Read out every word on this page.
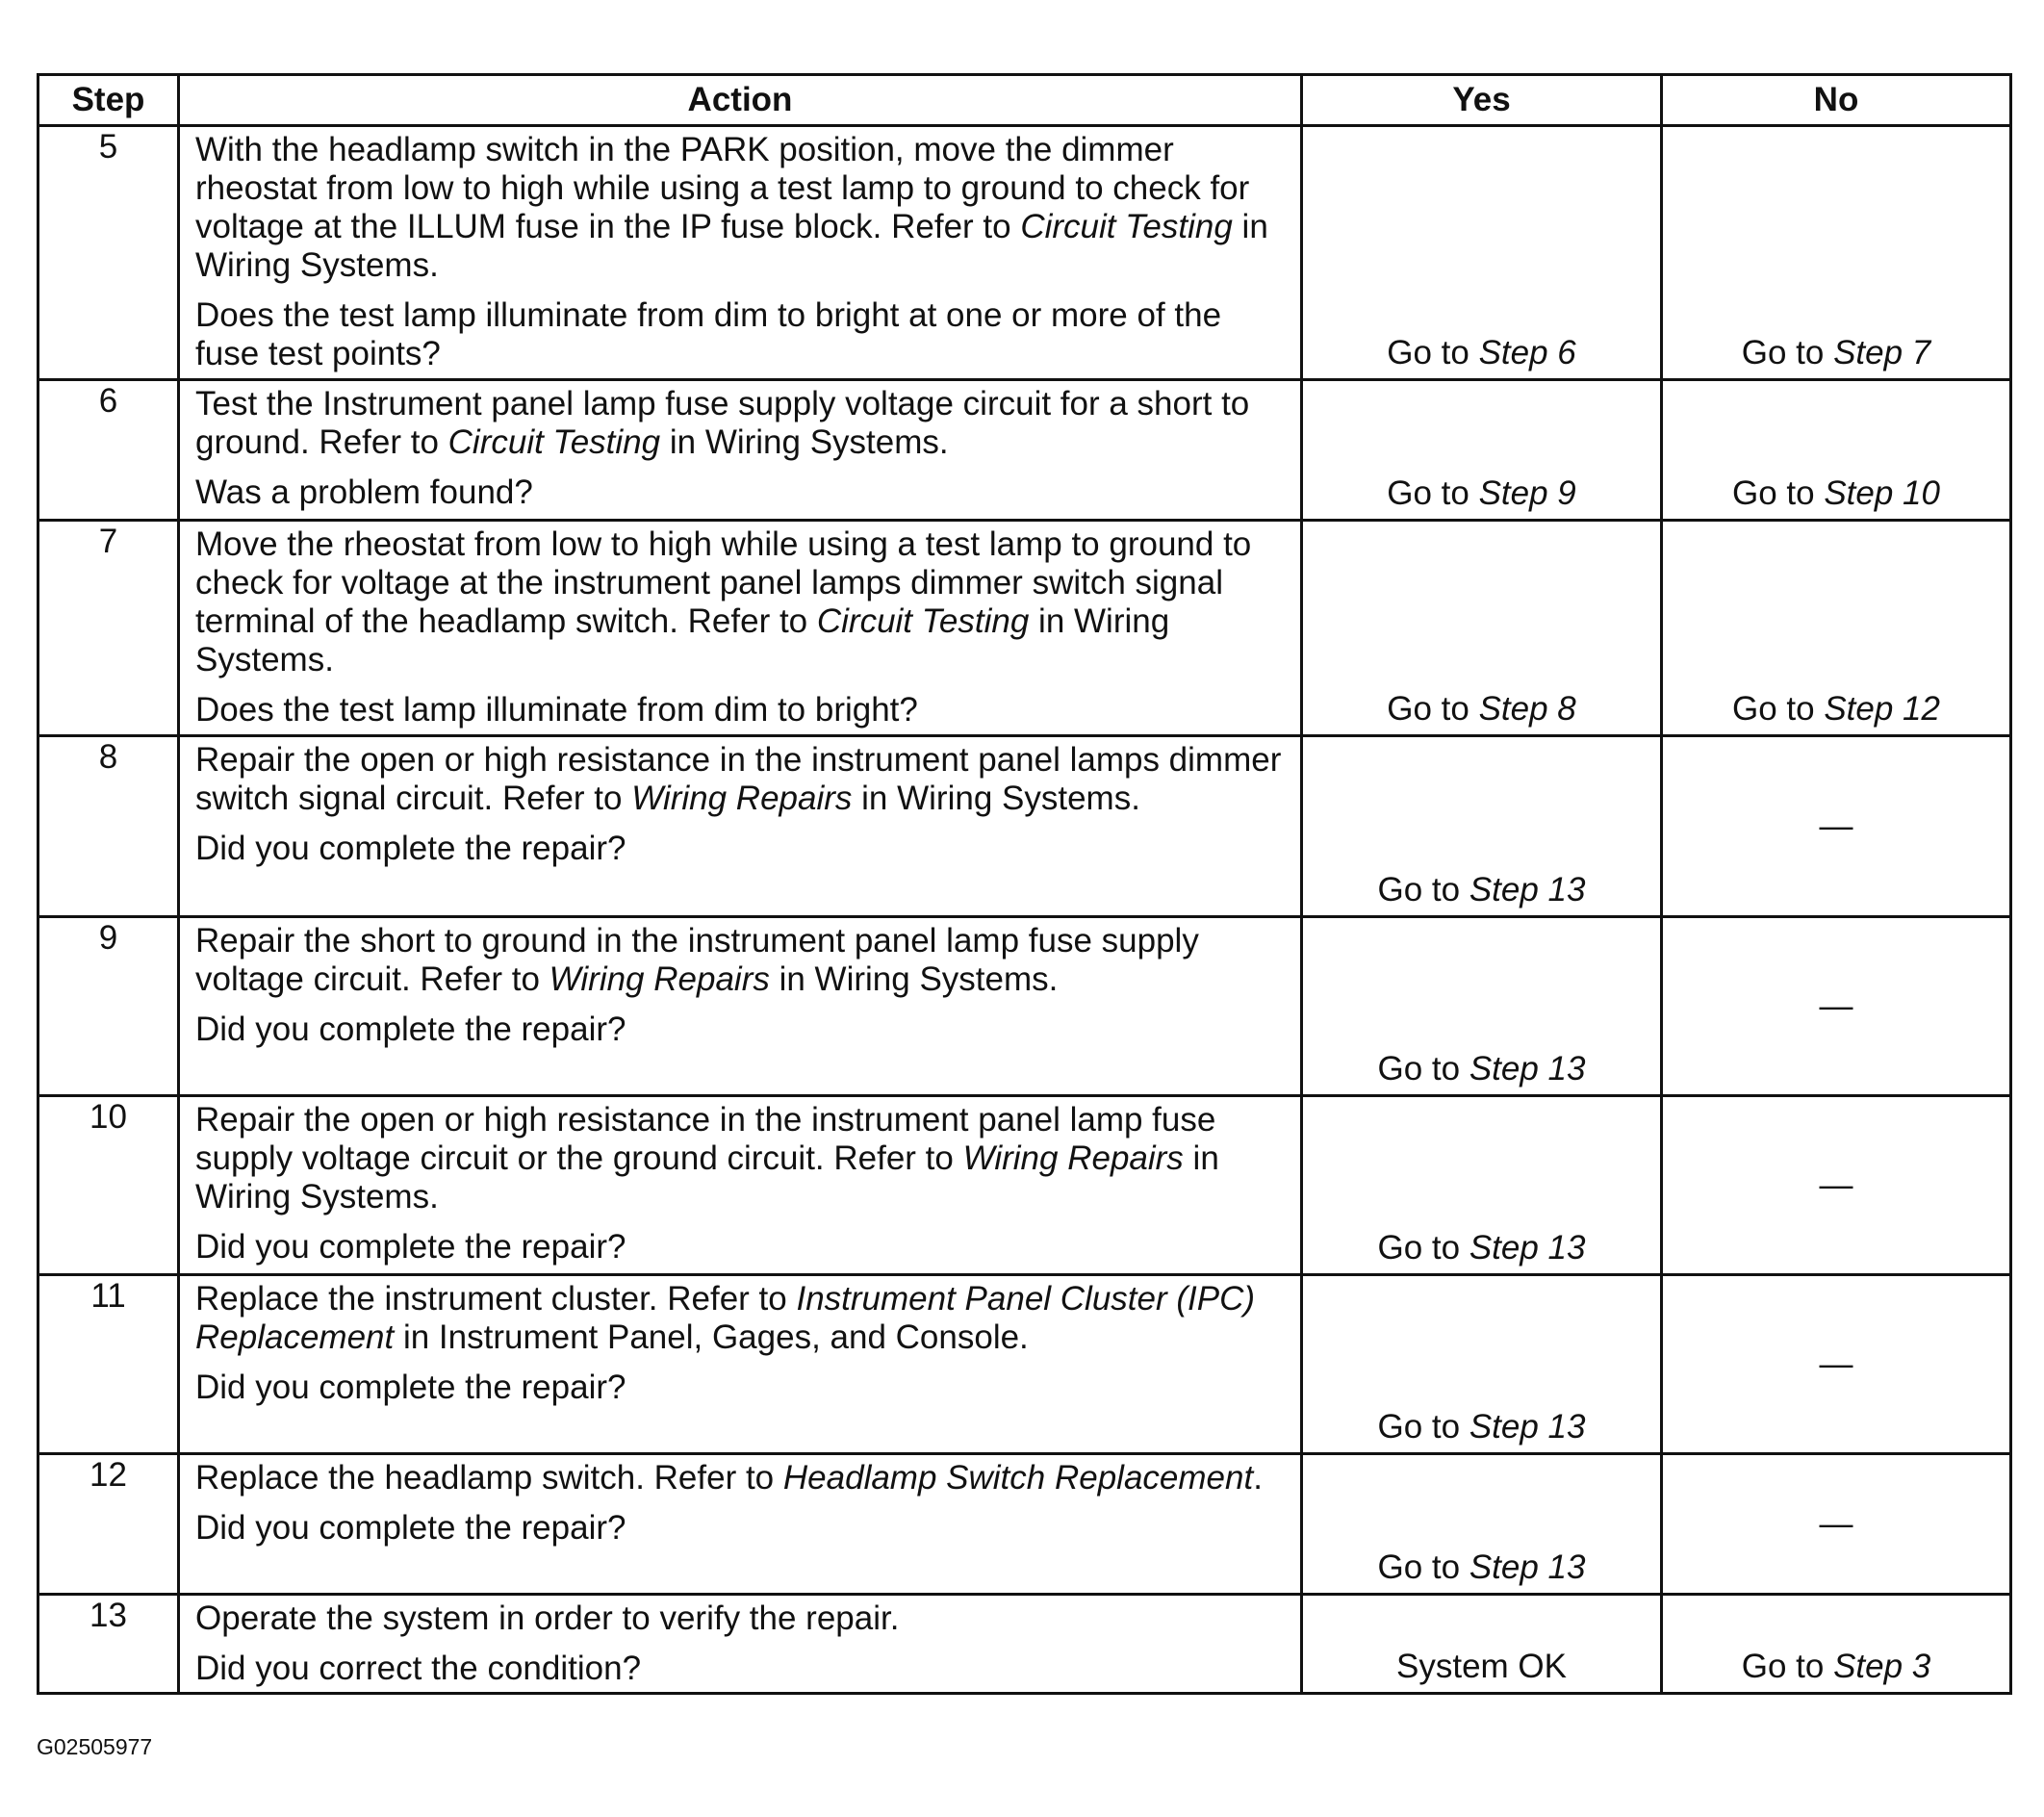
Step	Action	Yes	No
5	With the headlamp switch in the PARK position, move the dimmer rheostat from low to high while using a test lamp to ground to check for voltage at the ILLUM fuse in the IP fuse block. Refer to Circuit Testing in Wiring Systems.
Does the test lamp illuminate from dim to bright at one or more of the fuse test points?	Go to Step 6	Go to Step 7

6	Test the Instrument panel lamp fuse supply voltage circuit for a short to ground. Refer to Circuit Testing in Wiring Systems.
Was a problem found?	Go to Step 9	Go to Step 10

7	Move the rheostat from low to high while using a test lamp to ground to check for voltage at the instrument panel lamps dimmer switch signal terminal of the headlamp switch. Refer to Circuit Testing in Wiring Systems.
Does the test lamp illuminate from dim to bright?	Go to Step 8	Go to Step 12

8	Repair the open or high resistance in the instrument panel lamps dimmer switch signal circuit. Refer to Wiring Repairs in Wiring Systems.
Did you complete the repair?	Go to Step 13	—

9	Repair the short to ground in the instrument panel lamp fuse supply voltage circuit. Refer to Wiring Repairs in Wiring Systems.
Did you complete the repair?	Go to Step 13	—

10	Repair the open or high resistance in the instrument panel lamp fuse supply voltage circuit or the ground circuit. Refer to Wiring Repairs in Wiring Systems.
Did you complete the repair?	Go to Step 13	—

11	Replace the instrument cluster. Refer to Instrument Panel Cluster (IPC) Replacement in Instrument Panel, Gages, and Console.
Did you complete the repair?	Go to Step 13	—

12	Replace the headlamp switch. Refer to Headlamp Switch Replacement.
Did you complete the repair?	Go to Step 13	—

13	Operate the system in order to verify the repair.
Did you correct the condition?	System OK	Go to Step 3
G02505977
